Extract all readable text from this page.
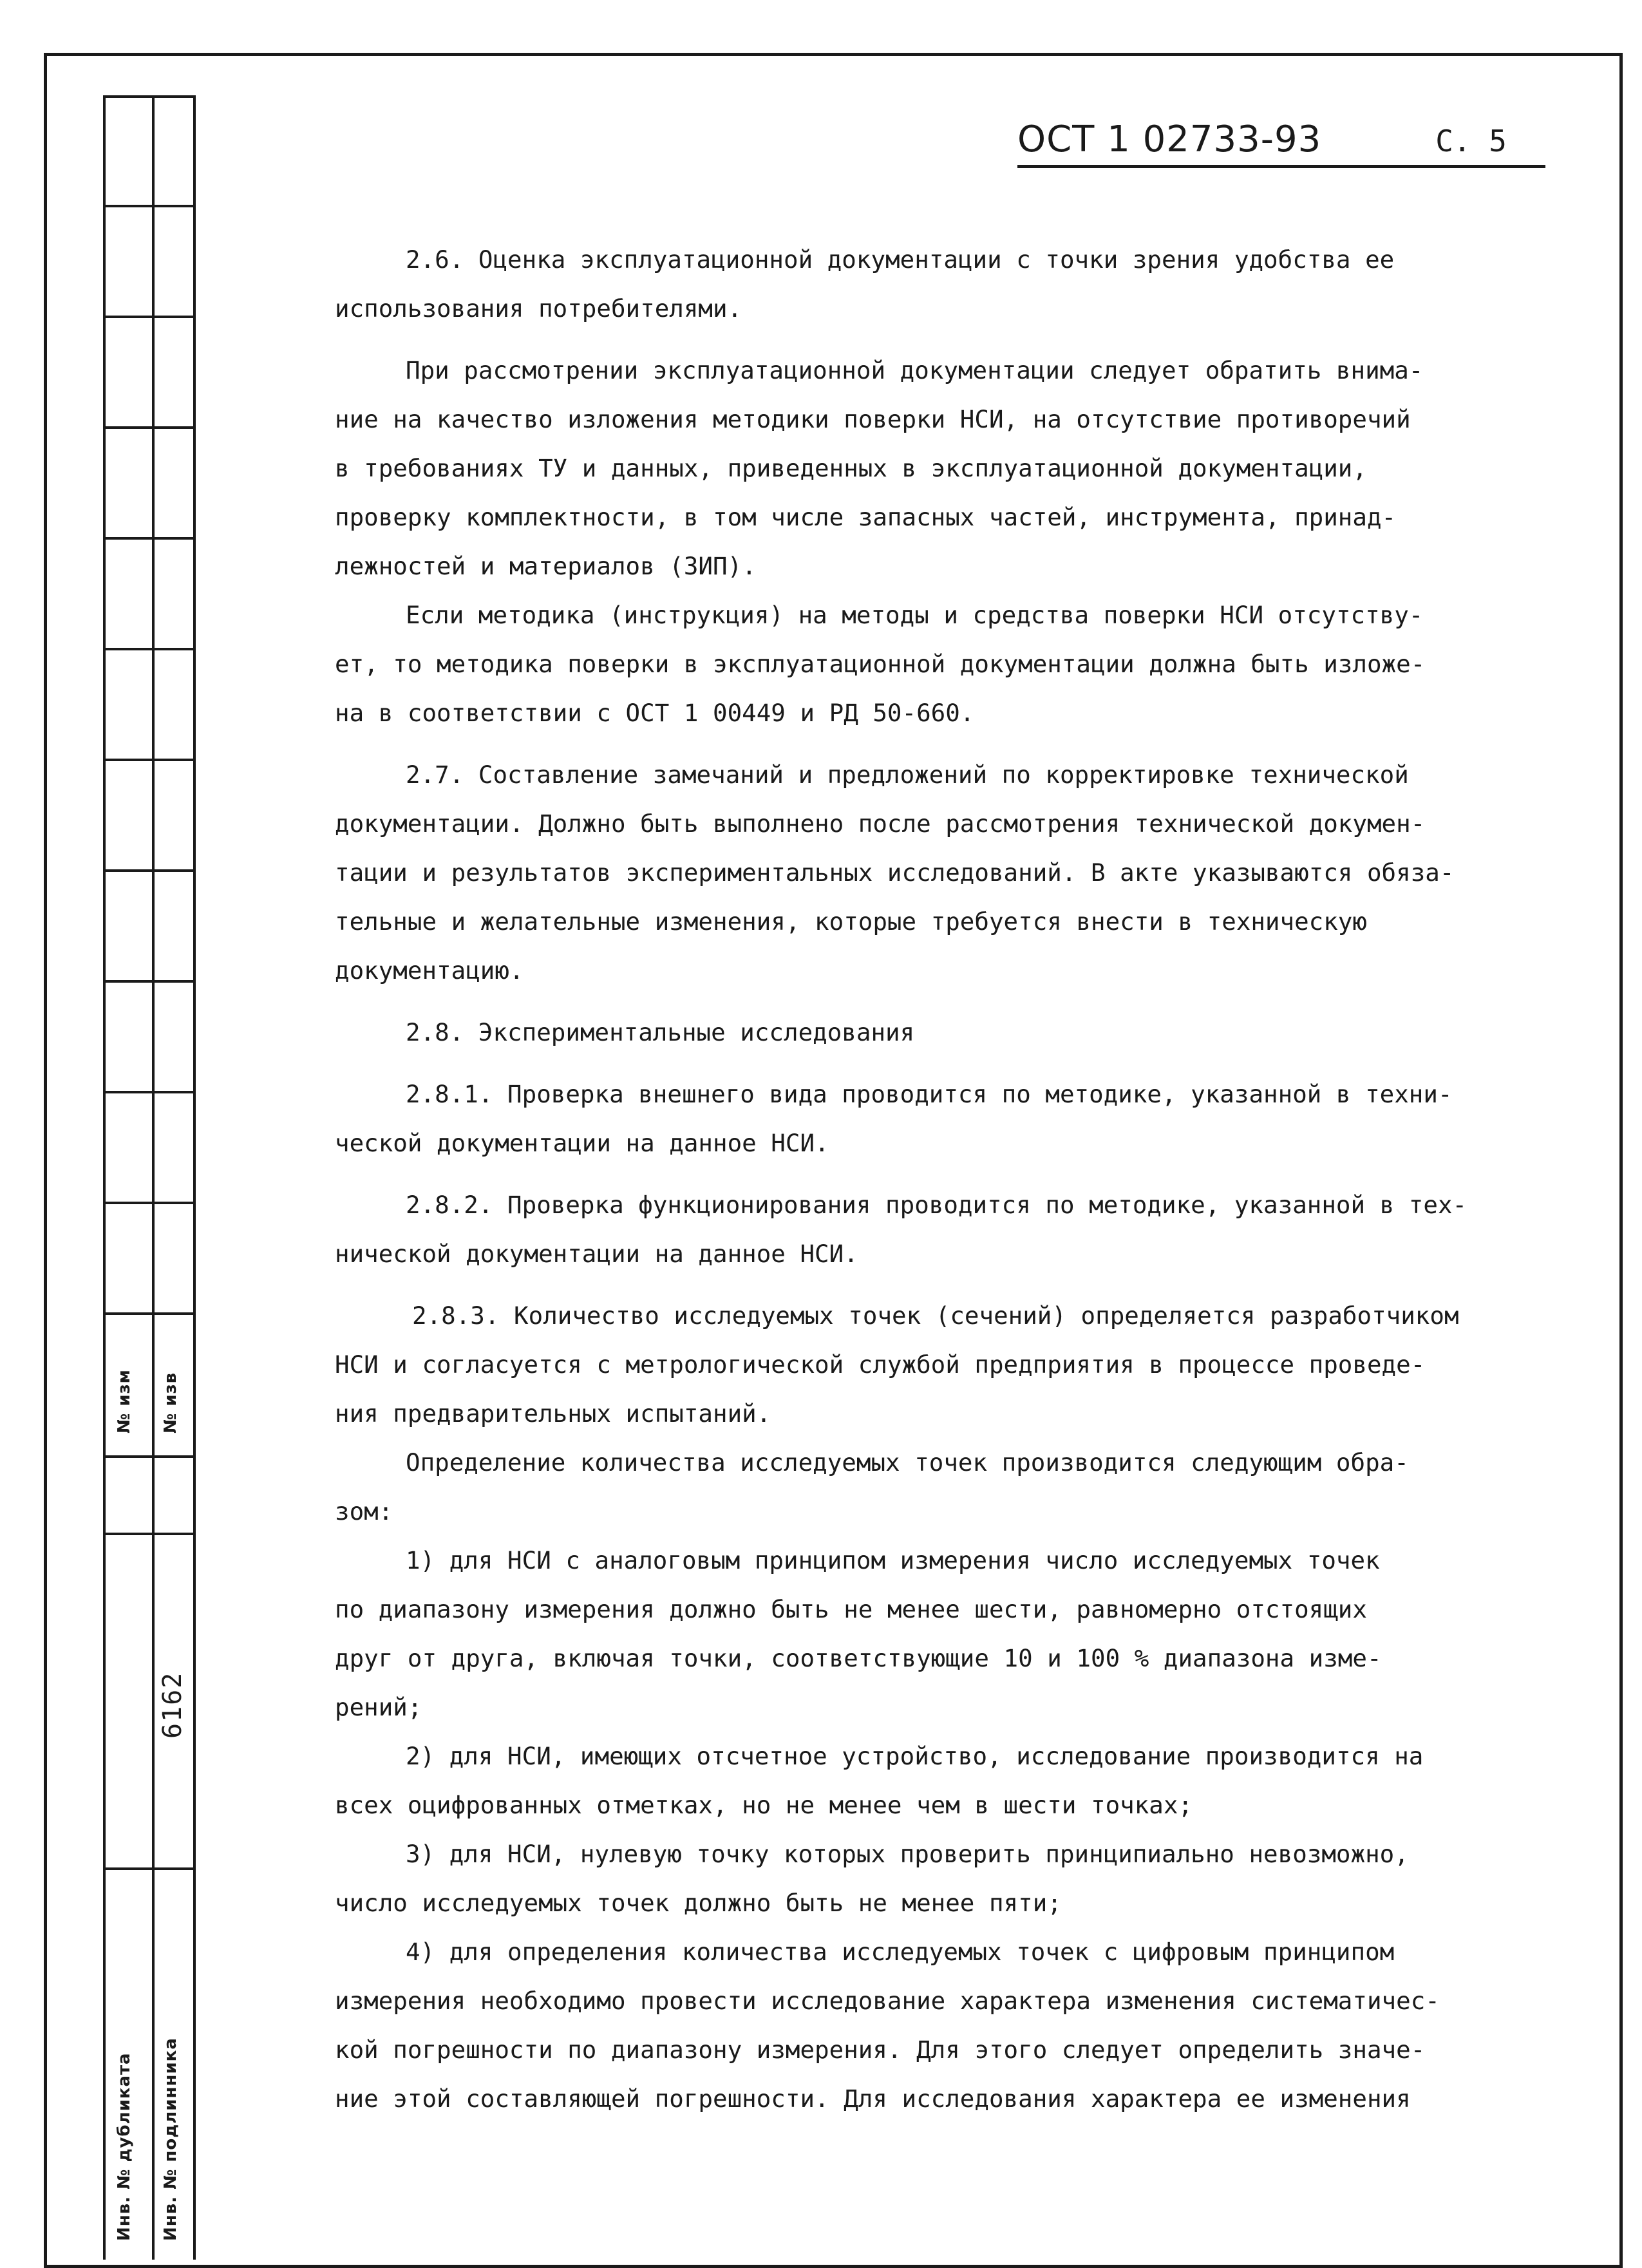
№ изм № изв
6162
Инв. № дубликата Инв. № подлинника
ОСТ 1 02733-93	С. 5

2.6. Оценка эксплуатационной документации с точки зрения удобства ее

использования потребителями.

При рассмотрении эксплуатационной документации следует обратить внима-

ние на качество изложения методики поверки НСИ, на отсутствие противоречий

в требованиях ТУ и данных, приведенных в эксплуатационной документации,

проверку комплектности, в том числе запасных частей, инструмента, принад-

лежностей и материалов (ЗИП).

Если методика (инструкция) на методы и средства поверки НСИ отсутству-

ет, то методика поверки в эксплуатационной документации должна быть изложе-

на в соответствии с ОСТ 1 00449 и РД 50-660.

2.7. Составление замечаний и предложений по корректировке технической

документации. Должно быть выполнено после рассмотрения технической докумен-

тации и результатов экспериментальных исследований. В акте указываются обяза-

тельные и желательные изменения, которые требуется внести в техническую

документацию.

2.8. Экспериментальные исследования

2.8.1. Проверка внешнего вида проводится по методике, указанной в техни-

ческой документации на данное НСИ.

2.8.2. Проверка функционирования проводится по методике, указанной в тех-

нической документации на данное НСИ.

2.8.3. Количество исследуемых точек (сечений) определяется разработчиком

НСИ и согласуется с метрологической службой предприятия в процессе проведе-

ния предварительных испытаний.

Определение количества исследуемых точек производится следующим обра-

зом:

1) для НСИ с аналоговым принципом измерения число исследуемых точек

по диапазону измерения должно быть не менее шести, равномерно отстоящих

друг от друга, включая точки, соответствующие 10 и 100 % диапазона изме-

рений;

2) для НСИ, имеющих отсчетное устройство, исследование производится на

всех оцифрованных отметках, но не менее чем в шести точках;

3) для НСИ, нулевую точку которых проверить принципиально невозможно,

число исследуемых точек должно быть не менее пяти;

4) для определения количества исследуемых точек с цифровым принципом

измерения необходимо провести исследование характера изменения систематичес-

кой погрешности по диапазону измерения. Для этого следует определить значе-

ние этой составляющей погрешности. Для исследования характера ее изменения
